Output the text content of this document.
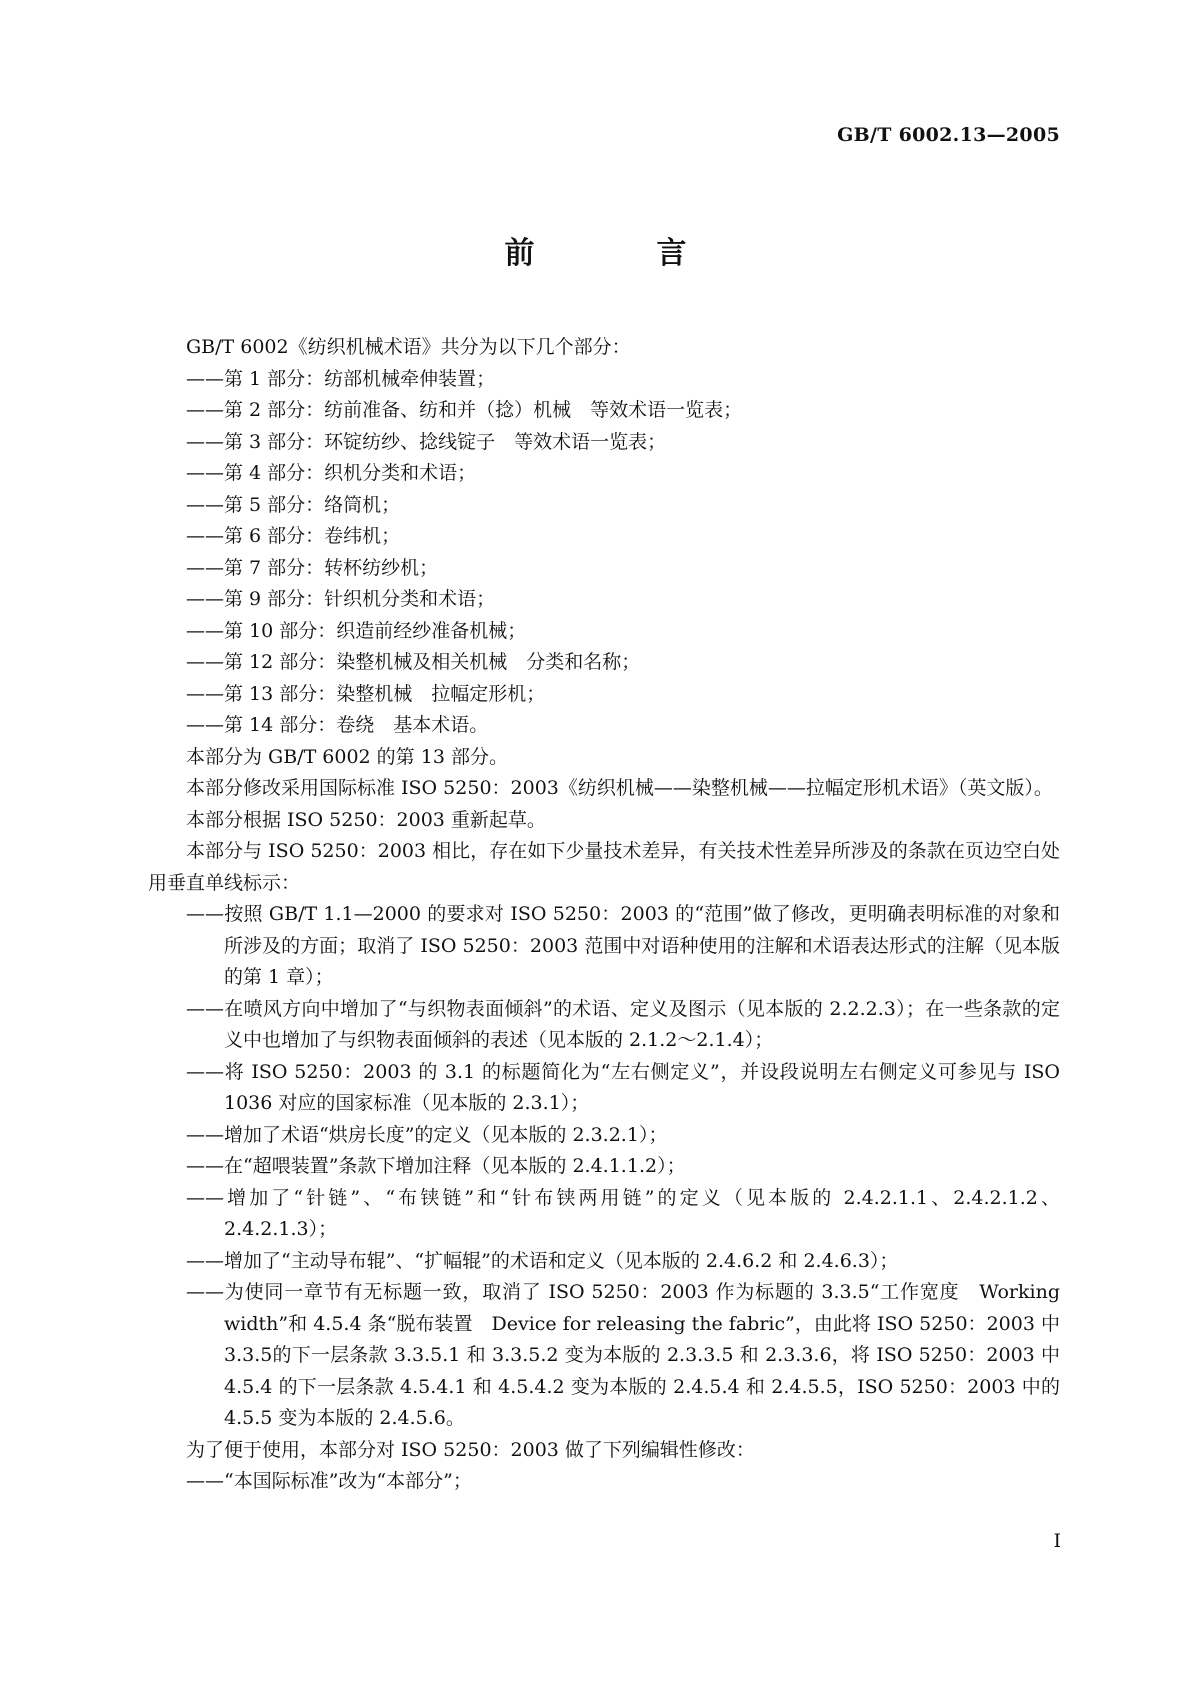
GB/T 6002.13—2005
前　言

GB/T 6002《纺织机械术语》共分为以下几个部分：

——第 1 部分：纺部机械牵伸装置；

——第 2 部分：纺前准备、纺和并（捻）机械　等效术语一览表；

——第 3 部分：环锭纺纱、捻线锭子　等效术语一览表；

——第 4 部分：织机分类和术语；

——第 5 部分：络筒机；

——第 6 部分：卷纬机；

——第 7 部分：转杯纺纱机；

——第 9 部分：针织机分类和术语；

——第 10 部分：织造前经纱准备机械；

——第 12 部分：染整机械及相关机械　分类和名称；

——第 13 部分：染整机械　拉幅定形机；

——第 14 部分：卷绕　基本术语。

本部分为 GB/T 6002 的第 13 部分。

本部分修改采用国际标准 ISO 5250：2003《纺织机械——染整机械——拉幅定形机术语》（英文版）。

本部分根据 ISO 5250：2003 重新起草。

本部分与 ISO 5250：2003 相比，存在如下少量技术差异，有关技术性差异所涉及的条款在页边空白处用垂直单线标示：

——按照 GB/T 1.1—2000 的要求对 ISO 5250：2003 的“范围”做了修改，更明确表明标准的对象和所涉及的方面；取消了 ISO 5250：2003 范围中对语种使用的注解和术语表达形式的注解（见本版的第 1 章）；

——在喷风方向中增加了“与织物表面倾斜”的术语、定义及图示（见本版的 2.2.2.3）；在一些条款的定义中也增加了与织物表面倾斜的表述（见本版的 2.1.2～2.1.4）；

——将 ISO 5250：2003 的 3.1 的标题简化为“左右侧定义”，并设段说明左右侧定义可参见与 ISO 1036 对应的国家标准（见本版的 2.3.1）；

——增加了术语“烘房长度”的定义（见本版的 2.3.2.1）；

——在“超喂装置”条款下增加注释（见本版的 2.4.1.1.2）；

——增加了“针链”、“布铗链”和“针布铗两用链”的定义（见本版的 2.4.2.1.1、2.4.2.1.2、2.4.2.1.3）；

——增加了“主动导布辊”、“扩幅辊”的术语和定义（见本版的 2.4.6.2 和 2.4.6.3）；

——为使同一章节有无标题一致，取消了 ISO 5250：2003 作为标题的 3.3.5“工作宽度　Working width”和 4.5.4 条“脱布装置　Device for releasing the fabric”，由此将 ISO 5250：2003 中 3.3.5的下一层条款 3.3.5.1 和 3.3.5.2 变为本版的 2.3.3.5 和 2.3.3.6，将 ISO 5250：2003 中 4.5.4 的下一层条款 4.5.4.1 和 4.5.4.2 变为本版的 2.4.5.4 和 2.4.5.5，ISO 5250：2003 中的 4.5.5 变为本版的 2.4.5.6。

为了便于使用，本部分对 ISO 5250：2003 做了下列编辑性修改：

——“本国际标准”改为“本部分”；

I
